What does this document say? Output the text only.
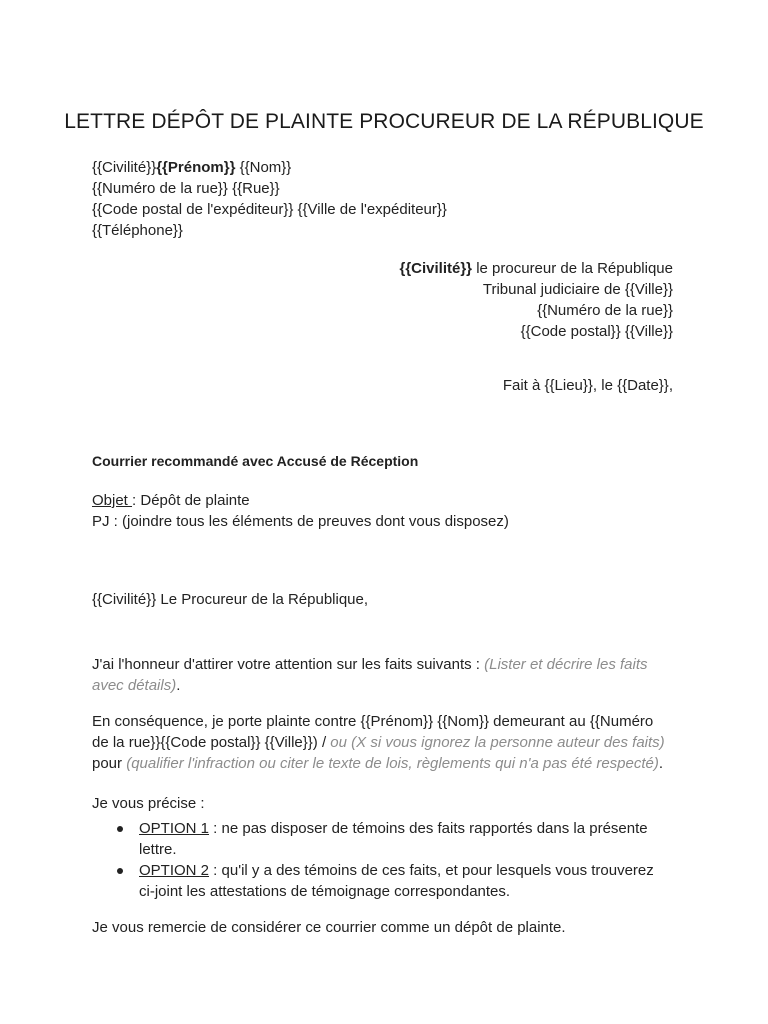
LETTRE DÉPÔT DE PLAINTE PROCUREUR DE LA RÉPUBLIQUE
{{Civilité}}{{Prénom}} {{Nom}}
{{Numéro de la rue}} {{Rue}}
{{Code postal de l'expéditeur}} {{Ville de l'expéditeur}}
{{Téléphone}}
{{Civilité}} le procureur de la République
Tribunal judiciaire de {{Ville}}
{{Numéro de la rue}}
{{Code postal}} {{Ville}}
Fait à {{Lieu}}, le {{Date}},
Courrier recommandé avec Accusé de Réception
Objet : Dépôt de plainte
PJ : (joindre tous les éléments de preuves dont vous disposez)
{{Civilité}} Le Procureur de la République,
J'ai l'honneur d'attirer votre attention sur les faits suivants : (Lister et décrire les faits
avec détails).
En conséquence, je porte plainte contre {{Prénom}} {{Nom}} demeurant au {{Numéro
de la rue}}{{Code postal}} {{Ville}}) / ou (X si vous ignorez la personne auteur des faits)
pour (qualifier l'infraction ou citer le texte de lois, règlements qui n'a pas été respecté).
Je vous précise :
OPTION 1 : ne pas disposer de témoins des faits rapportés dans la présente
lettre.
OPTION 2 : qu'il y a des témoins de ces faits, et pour lesquels vous trouverez
ci-joint les attestations de témoignage correspondantes.
Je vous remercie de considérer ce courrier comme un dépôt de plainte.
